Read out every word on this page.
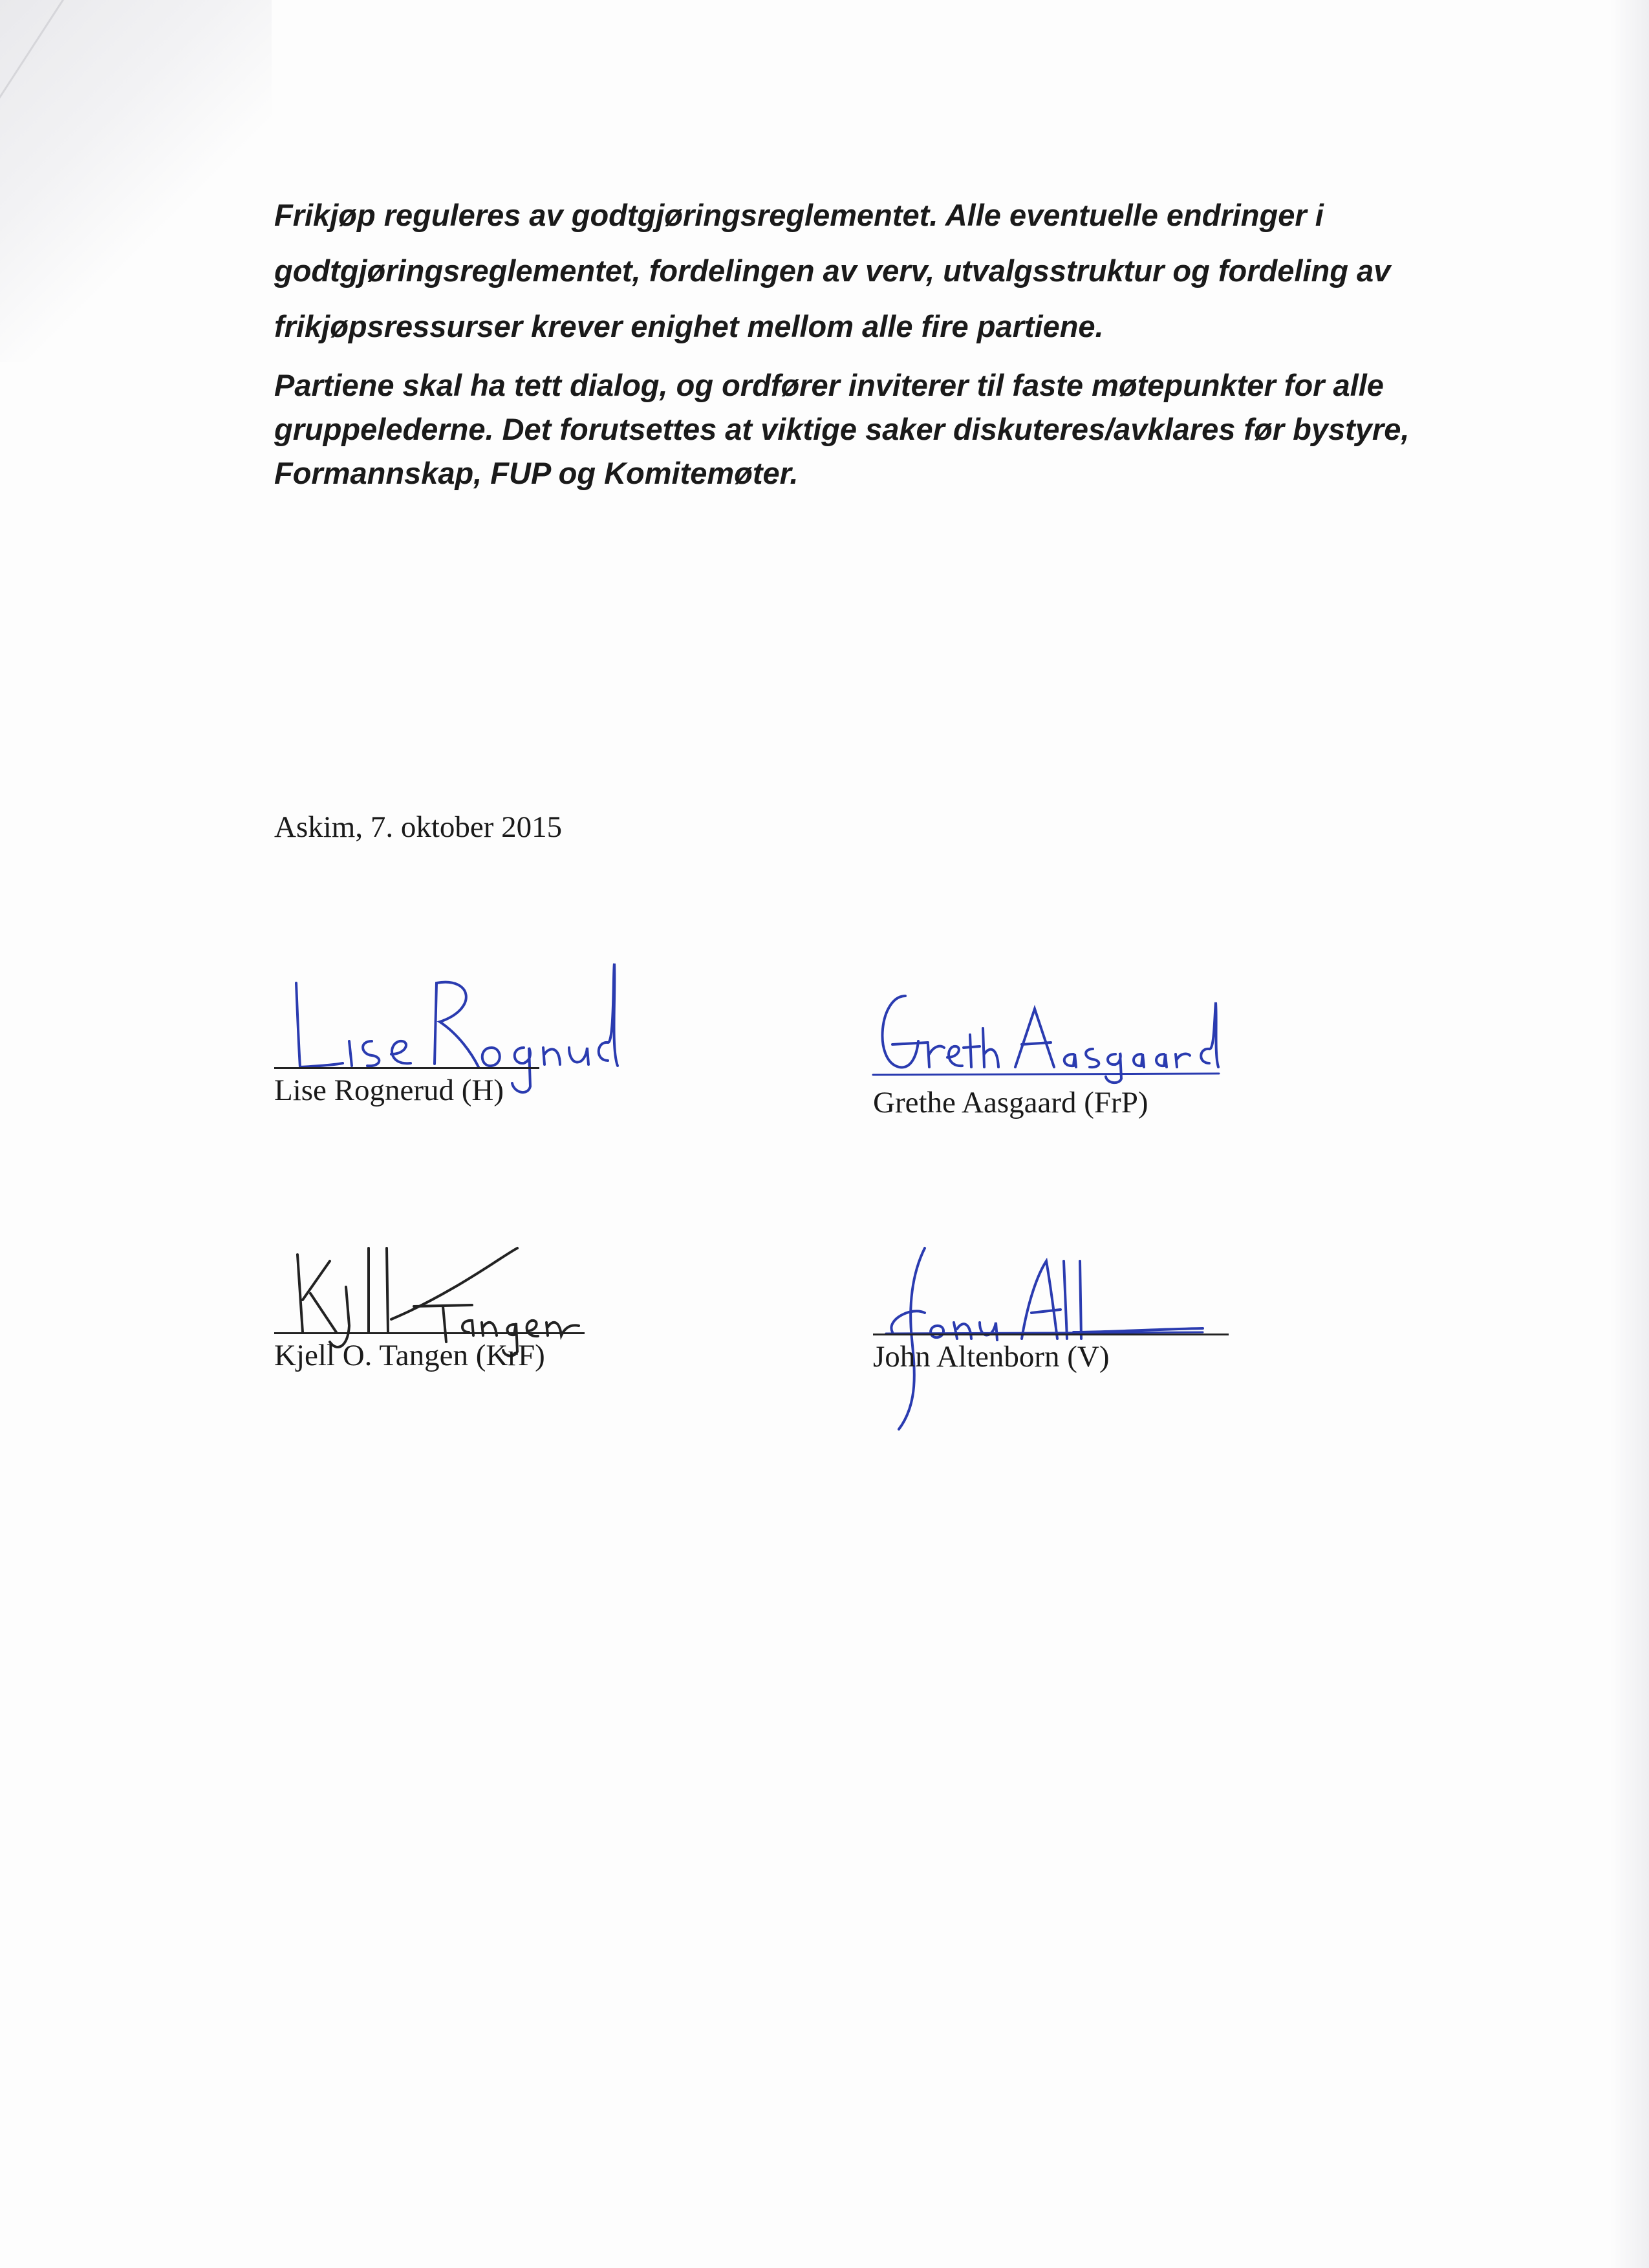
Frikjøp reguleres av godtgjøringsreglementet. Alle eventuelle endringer i godtgjøringsreglementet, fordelingen av verv, utvalgsstruktur og fordeling av frikjøpsressurser krever enighet mellom alle fire partiene.

Partiene skal ha tett dialog, og ordfører inviterer til faste møtepunkter for alle gruppelederne. Det forutsettes at viktige saker diskuteres/avklares før bystyre, Formannskap, FUP og Komitemøter.

Askim, 7. oktober 2015
Lise Rognerud (H)	Grethe Aasgaard (FrP)
Kjell O. Tangen (KrF)	John Altenborn (V)
